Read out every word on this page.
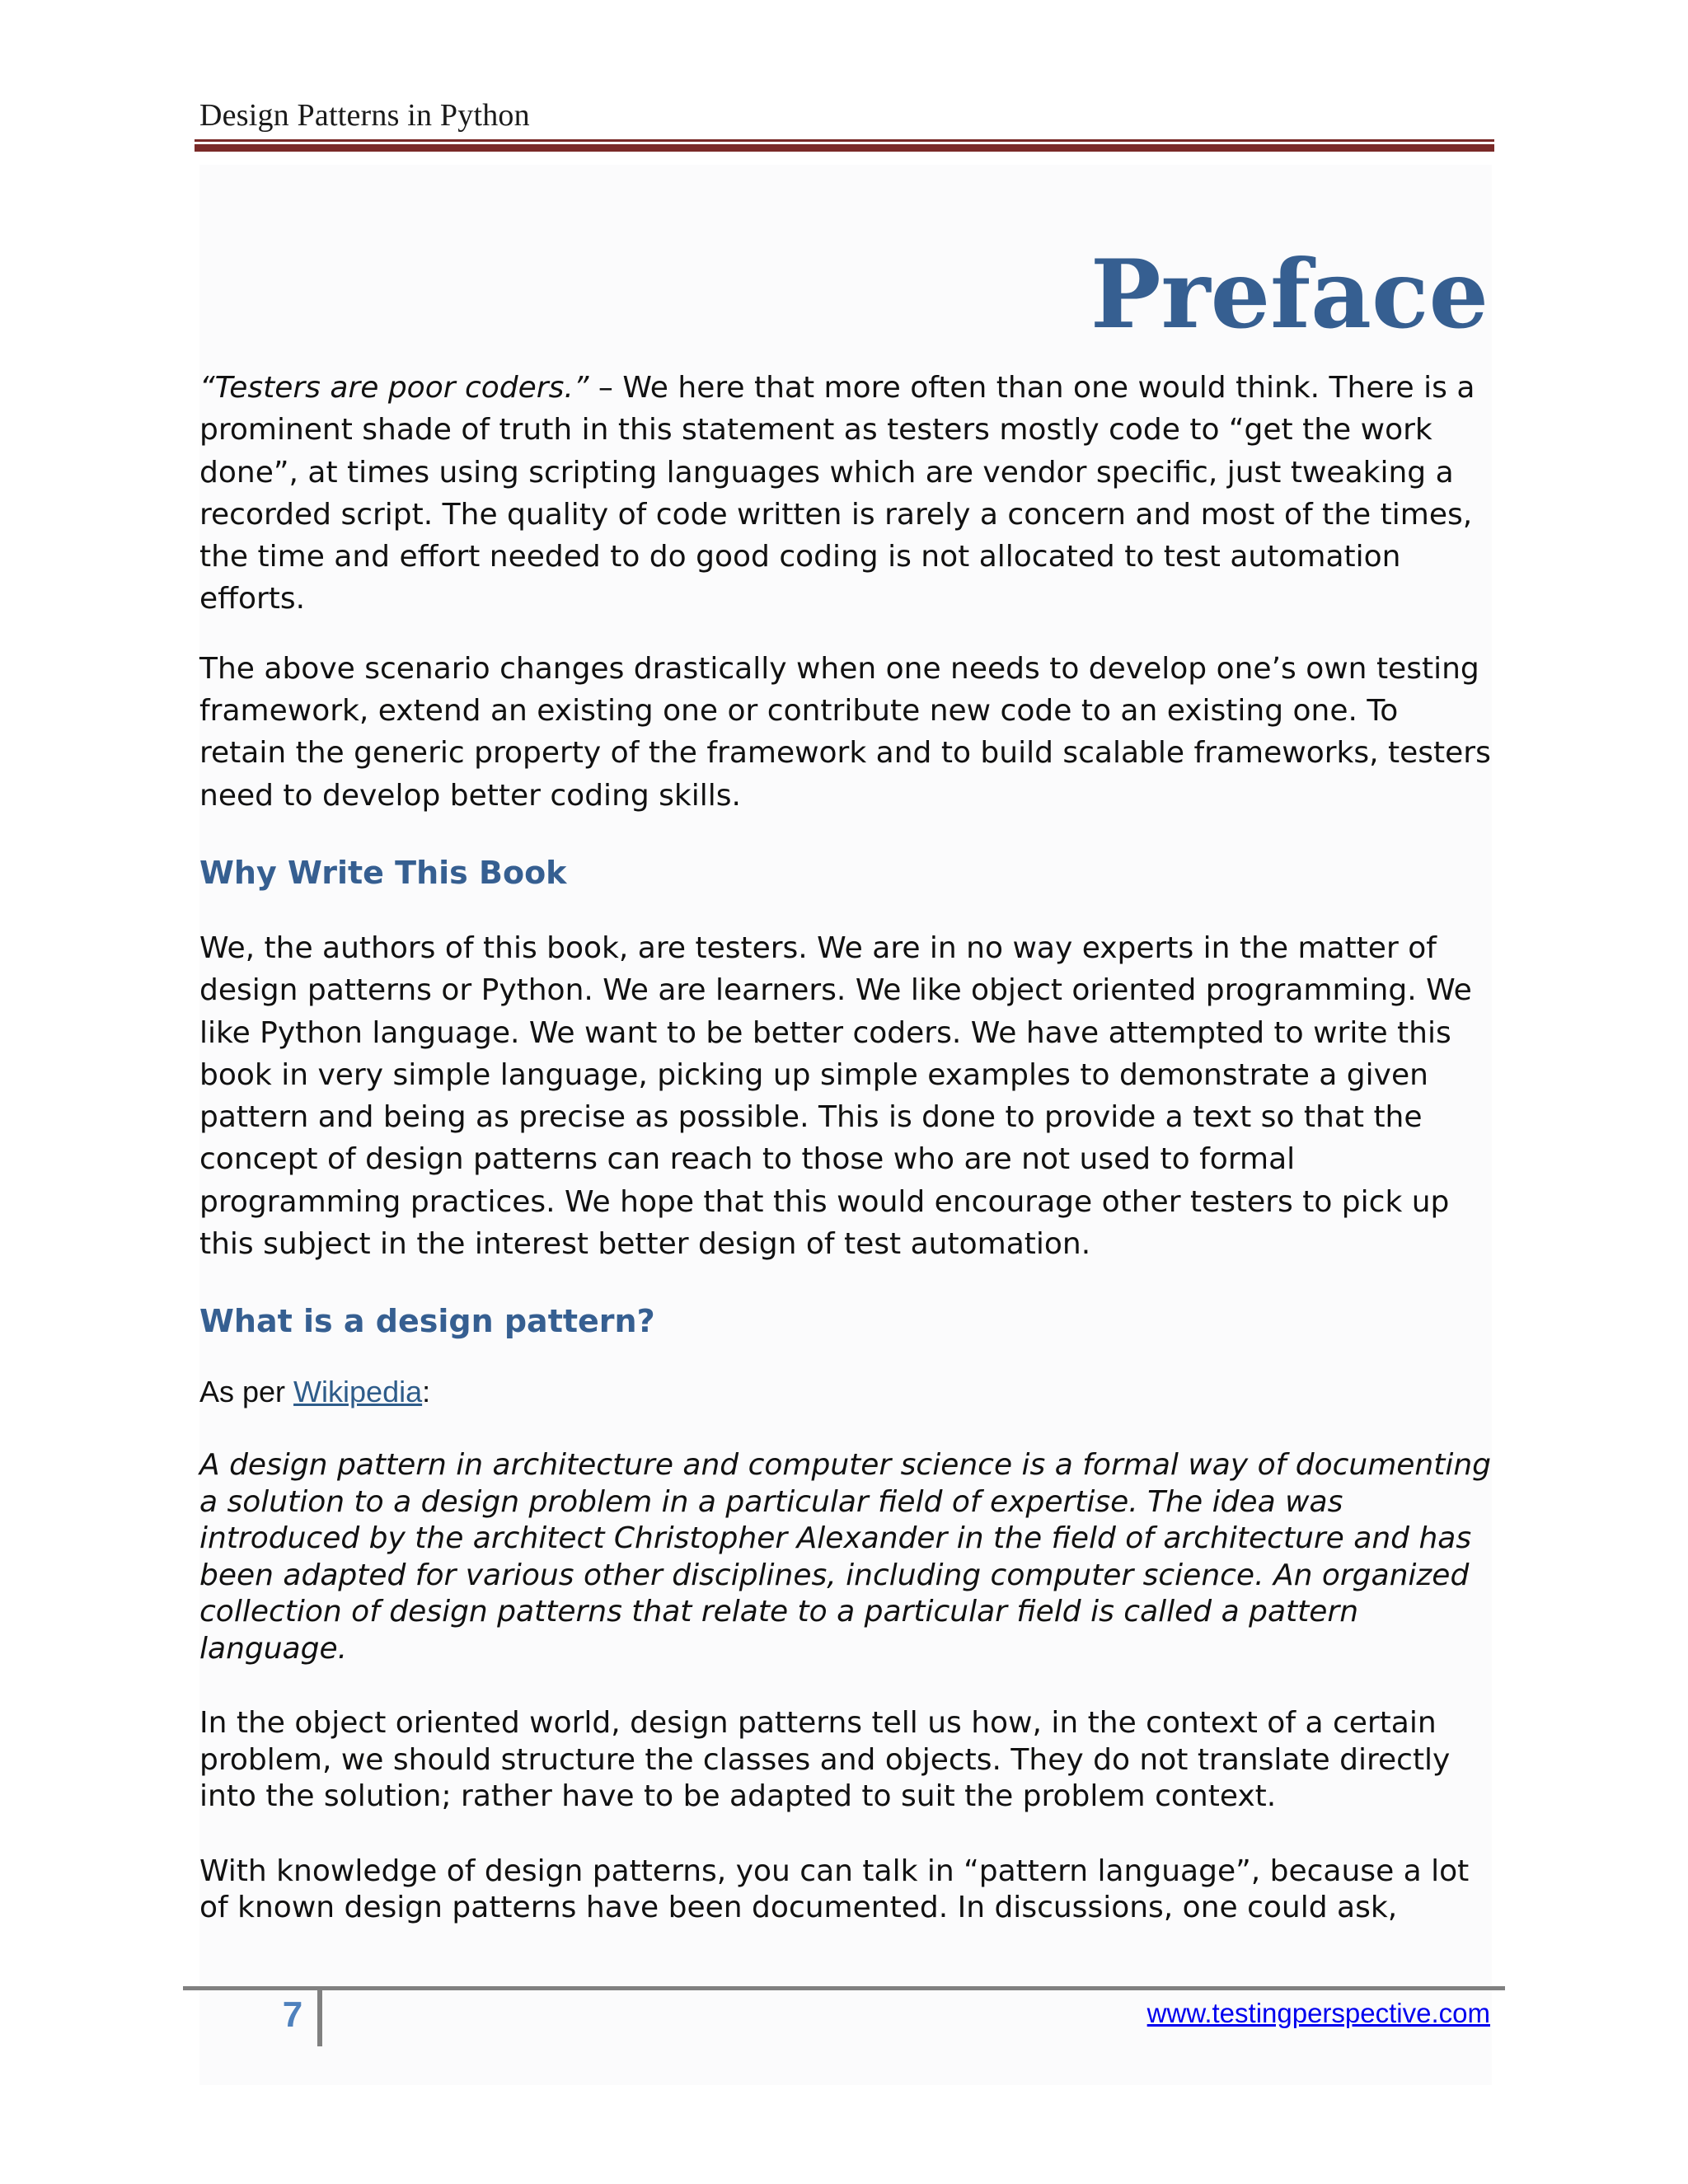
Design Patterns in Python
Preface

“Testers are poor coders.” – We here that more often than one would think. There is a prominent shade of truth in this statement as testers mostly code to “get the work done”, at times using scripting languages which are vendor specific, just tweaking a recorded script. The quality of code written is rarely a concern and most of the times, the time and effort needed to do good coding is not allocated to test automation efforts.

The above scenario changes drastically when one needs to develop one’s own testing framework, extend an existing one or contribute new code to an existing one. To retain the generic property of the framework and to build scalable frameworks, testers need to develop better coding skills.

Why Write This Book

We, the authors of this book, are testers. We are in no way experts in the matter of design patterns or Python. We are learners. We like object oriented programming. We like Python language. We want to be better coders. We have attempted to write this book in very simple language, picking up simple examples to demonstrate a given pattern and being as precise as possible. This is done to provide a text so that the concept of design patterns can reach to those who are not used to formal programming practices. We hope that this would encourage other testers to pick up this subject in the interest better design of test automation.

What is a design pattern?

As per Wikipedia:

A design pattern in architecture and computer science is a formal way of documenting a solution to a design problem in a particular field of expertise. The idea was introduced by the architect Christopher Alexander in the field of architecture and has been adapted for various other disciplines, including computer science. An organized collection of design patterns that relate to a particular field is called a pattern language.

In the object oriented world, design patterns tell us how, in the context of a certain problem, we should structure the classes and objects. They do not translate directly into the solution; rather have to be adapted to suit the problem context.

With knowledge of design patterns, you can talk in “pattern language”, because a lot of known design patterns have been documented. In discussions, one could ask,

7	www.testingperspective.com
